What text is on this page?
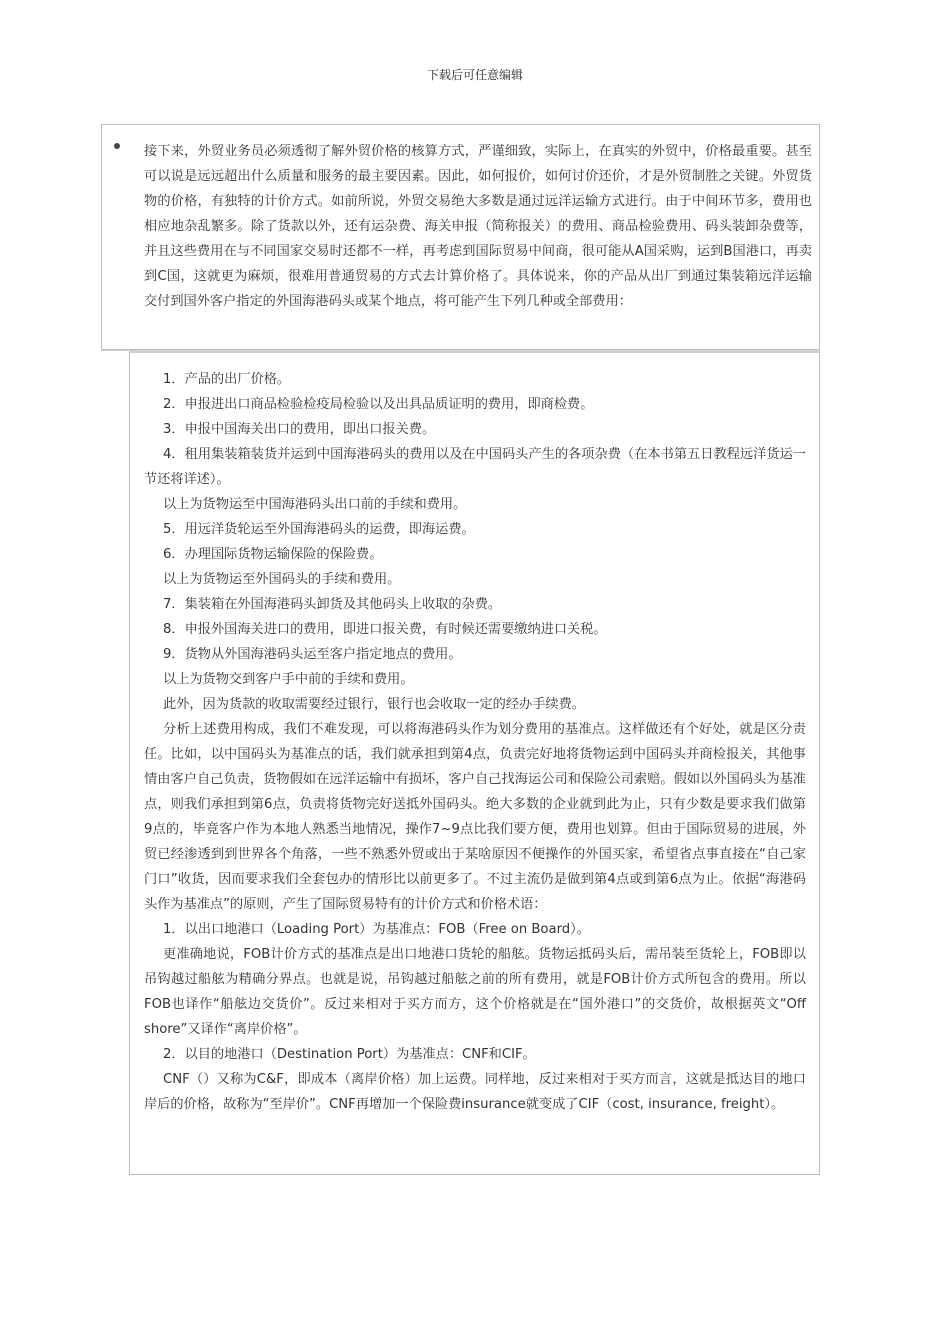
下载后可任意编辑
接下来，外贸业务员必须透彻了解外贸价格的核算方式，严谨细致，实际上，在真实的外贸中，价格最重要。甚至可以说是远远超出什么质量和服务的最主要因素。因此，如何报价，如何讨价还价，才是外贸制胜之关键。外贸货物的价格，有独特的计价方式。如前所说，外贸交易绝大多数是通过远洋运输方式进行。由于中间环节多，费用也相应地杂乱繁多。除了货款以外，还有运杂费、海关申报（简称报关）的费用、商品检验费用、码头装卸杂费等，并且这些费用在与不同国家交易时还都不一样，再考虑到国际贸易中间商，很可能从A国采购，运到B国港口，再卖到C国，这就更为麻烦，很难用普通贸易的方式去计算价格了。具体说来，你的产品从出厂到通过集装箱远洋运输交付到国外客户指定的外国海港码头或某个地点，将可能产生下列几种或全部费用：

1．产品的出厂价格。

2．申报进出口商品检验检疫局检验以及出具品质证明的费用，即商检费。

3．申报中国海关出口的费用，即出口报关费。

4．租用集装箱装货并运到中国海港码头的费用以及在中国码头产生的各项杂费（在本书第五日教程远洋货运一节还将详述）。

以上为货物运至中国海港码头出口前的手续和费用。

5．用远洋货轮运至外国海港码头的运费，即海运费。

6．办理国际货物运输保险的保险费。

以上为货物运至外国码头的手续和费用。

7．集装箱在外国海港码头卸货及其他码头上收取的杂费。

8．申报外国海关进口的费用，即进口报关费，有时候还需要缴纳进口关税。

9．货物从外国海港码头运至客户指定地点的费用。

以上为货物交到客户手中前的手续和费用。

此外，因为货款的收取需要经过银行，银行也会收取一定的经办手续费。

分析上述费用构成，我们不难发现，可以将海港码头作为划分费用的基准点。这样做还有个好处，就是区分责任。比如，以中国码头为基准点的话，我们就承担到第4点，负责完好地将货物运到中国码头并商检报关，其他事情由客户自己负责，货物假如在远洋运输中有损坏，客户自己找海运公司和保险公司索赔。假如以外国码头为基准点，则我们承担到第6点，负责将货物完好送抵外国码头。绝大多数的企业就到此为止，只有少数是要求我们做第9点的，毕竟客户作为本地人熟悉当地情况，操作7~9点比我们要方便，费用也划算。但由于国际贸易的进展，外贸已经渗透到到世界各个角落，一些不熟悉外贸或出于某啥原因不便操作的外国买家，希望省点事直接在“自己家门口”收货，因而要求我们全套包办的情形比以前更多了。不过主流仍是做到第4点或到第6点为止。依据“海港码头作为基准点”的原则，产生了国际贸易特有的计价方式和价格术语：

1．以出口地港口（Loading Port）为基准点：FOB（Free on Board）。

更准确地说，FOB计价方式的基准点是出口地港口货轮的船舷。货物运抵码头后，需吊装至货轮上，FOB即以吊钩越过船舷为精确分界点。也就是说，吊钩越过船舷之前的所有费用，就是FOB计价方式所包含的费用。所以FOB也译作“船舷边交货价”。反过来相对于买方而方，这个价格就是在“国外港口”的交货价，故根据英文“Off shore”又译作“离岸价格”。

2．以目的地港口（Destination Port）为基准点：CNF和CIF。

CNF（）又称为C&F，即成本（离岸价格）加上运费。同样地，反过来相对于买方而言，这就是抵达目的地口岸后的价格，故称为“至岸价”。CNF再增加一个保险费insurance就变成了CIF（cost, insurance, freight）。
